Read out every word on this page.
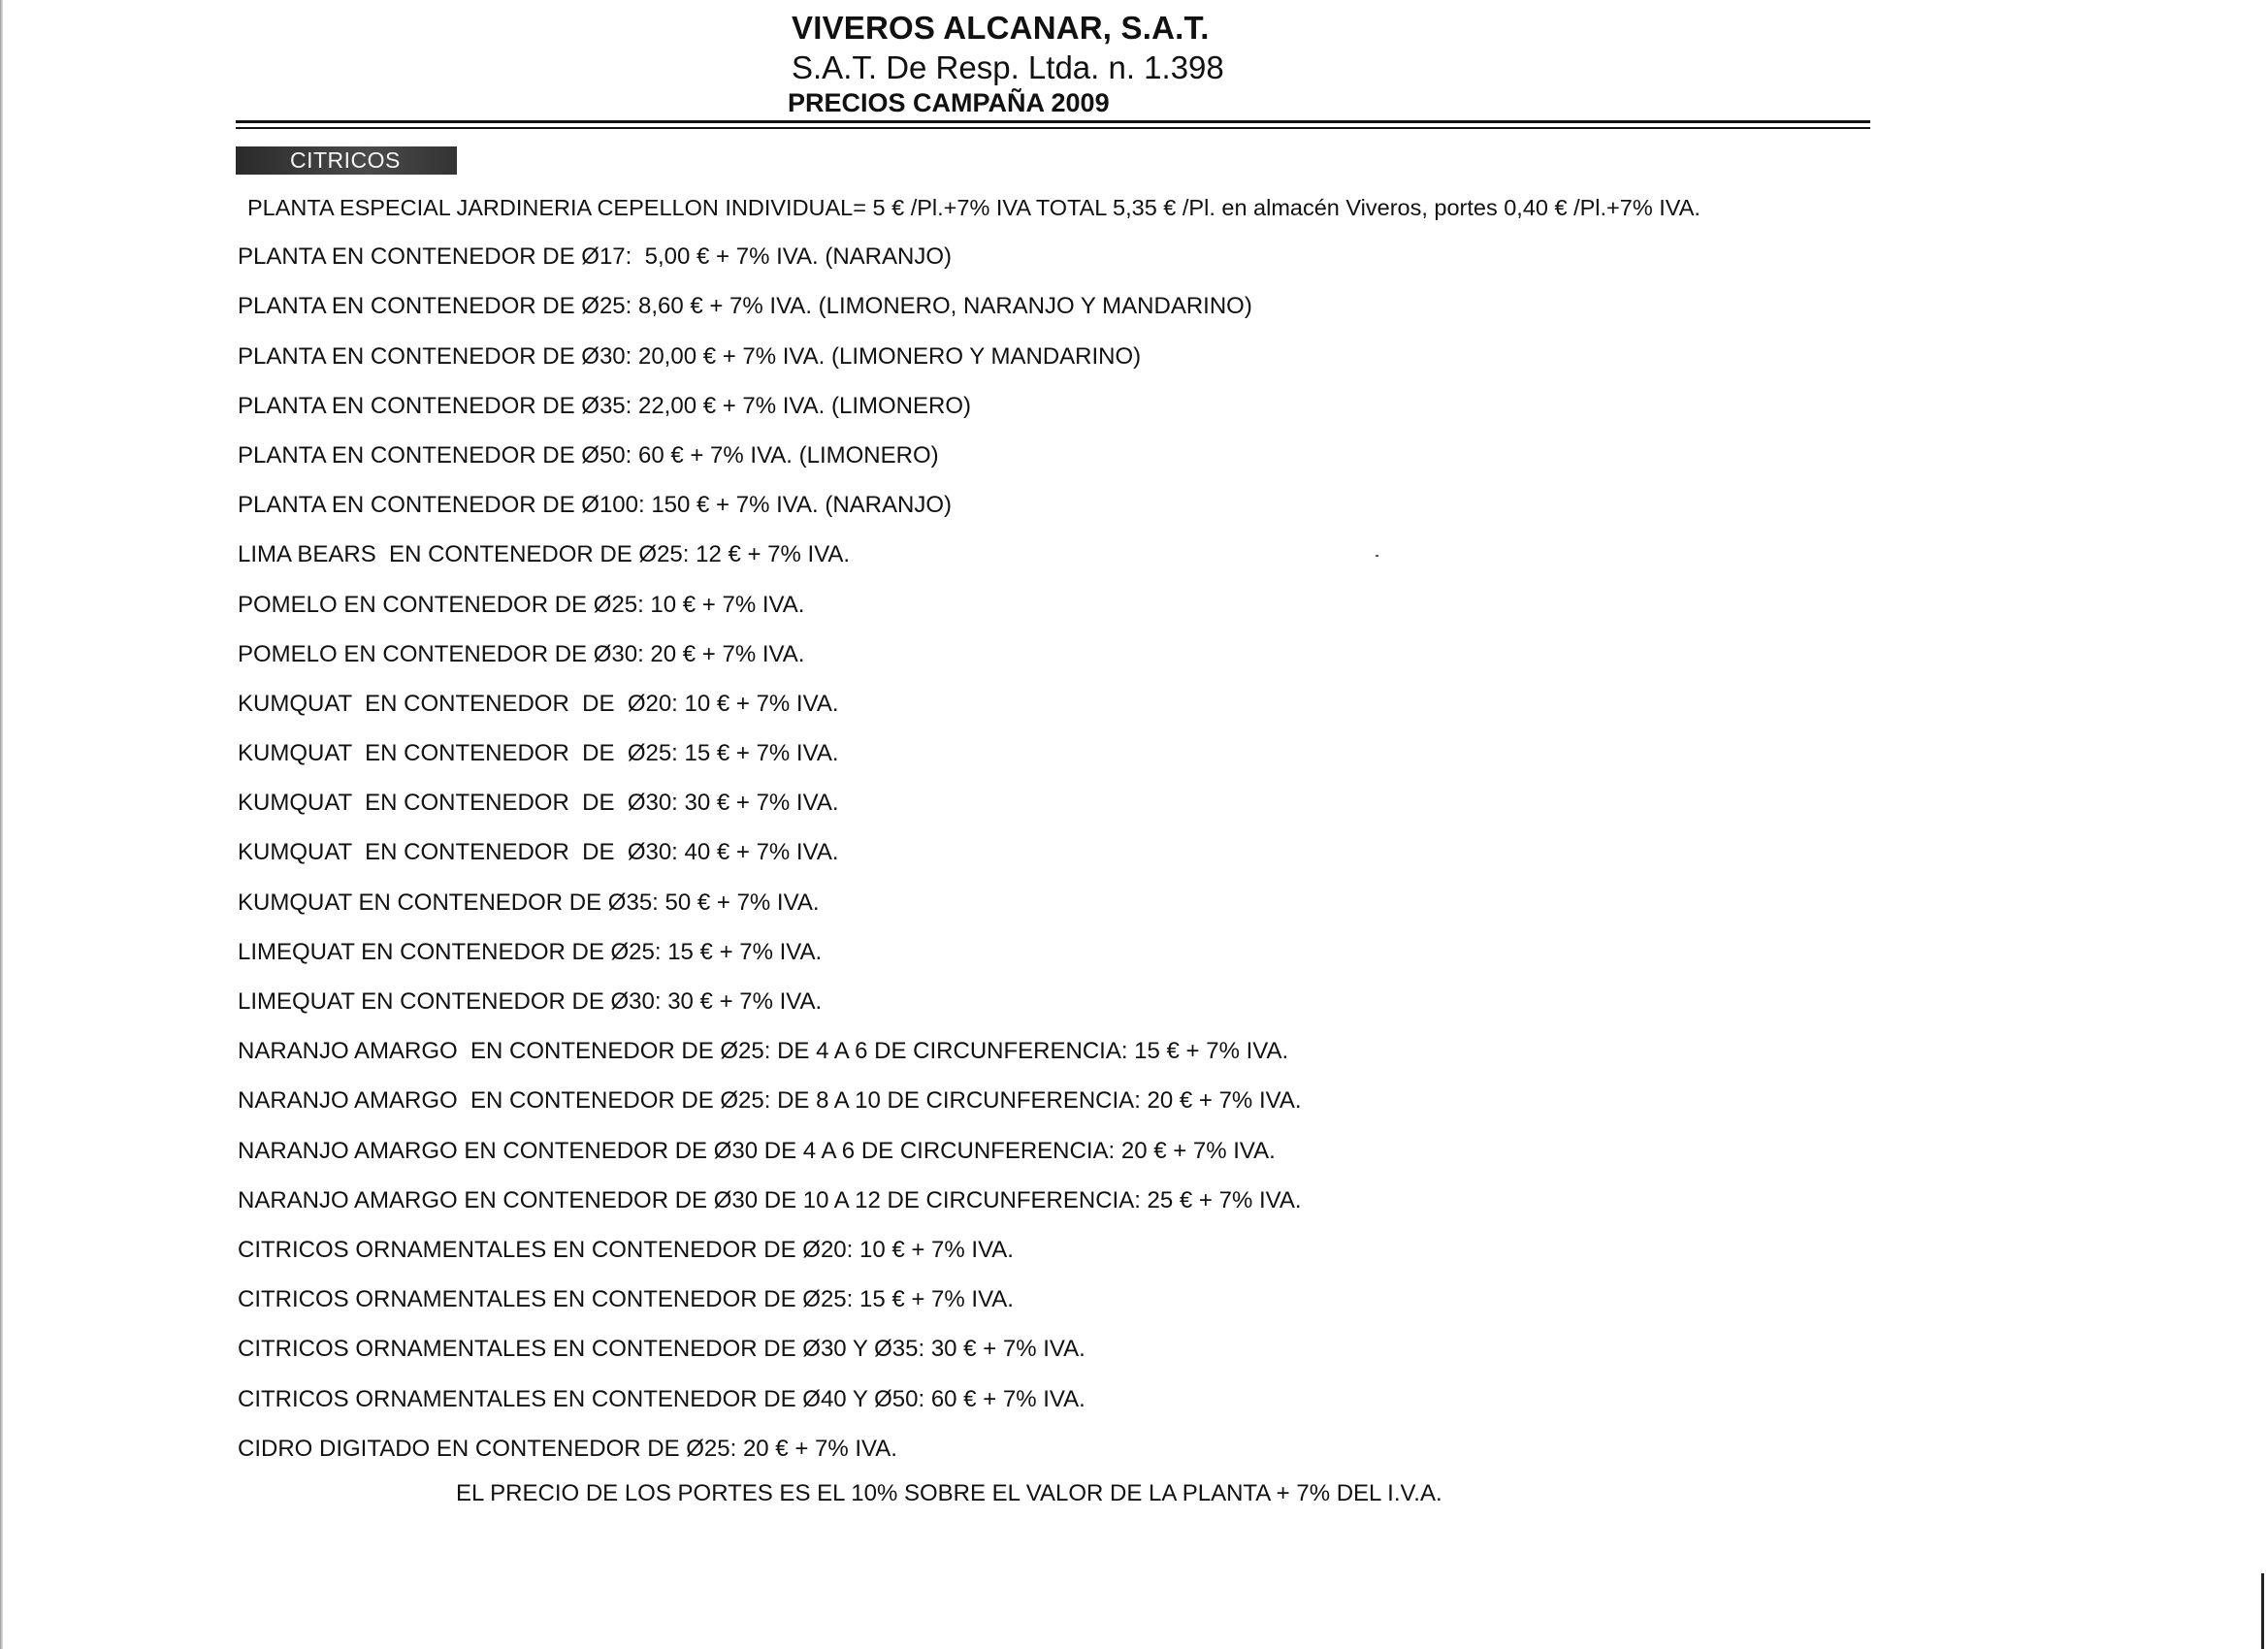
VIVEROS ALCANAR, S.A.T.
S.A.T. De Resp. Ltda. n. 1.398
PRECIOS CAMPAÑA 2009
CITRICOS
PLANTA ESPECIAL JARDINERIA CEPELLON INDIVIDUAL= 5 € /Pl.+7% IVA TOTAL 5,35 € /Pl. en almacén Viveros, portes 0,40 € /Pl.+7% IVA.
PLANTA EN CONTENEDOR DE Ø17:  5,00 € + 7% IVA. (NARANJO)
PLANTA EN CONTENEDOR DE Ø25: 8,60 € + 7% IVA. (LIMONERO, NARANJO Y MANDARINO)
PLANTA EN CONTENEDOR DE Ø30: 20,00 € + 7% IVA. (LIMONERO Y MANDARINO)
PLANTA EN CONTENEDOR DE Ø35: 22,00 € + 7% IVA. (LIMONERO)
PLANTA EN CONTENEDOR DE Ø50: 60 € + 7% IVA. (LIMONERO)
PLANTA EN CONTENEDOR DE Ø100: 150 € + 7% IVA. (NARANJO)
LIMA BEARS  EN CONTENEDOR DE Ø25: 12 € + 7% IVA.
POMELO EN CONTENEDOR DE Ø25: 10 € + 7% IVA.
POMELO EN CONTENEDOR DE Ø30: 20 € + 7% IVA.
KUMQUAT  EN CONTENEDOR  DE  Ø20: 10 € + 7% IVA.
KUMQUAT  EN CONTENEDOR  DE  Ø25: 15 € + 7% IVA.
KUMQUAT  EN CONTENEDOR  DE  Ø30: 30 € + 7% IVA.
KUMQUAT  EN CONTENEDOR  DE  Ø30: 40 € + 7% IVA.
KUMQUAT EN CONTENEDOR DE Ø35: 50 € + 7% IVA.
LIMEQUAT EN CONTENEDOR DE Ø25: 15 € + 7% IVA.
LIMEQUAT EN CONTENEDOR DE Ø30: 30 € + 7% IVA.
NARANJO AMARGO  EN CONTENEDOR DE Ø25: DE 4 A 6 DE CIRCUNFERENCIA: 15 € + 7% IVA.
NARANJO AMARGO  EN CONTENEDOR DE Ø25: DE 8 A 10 DE CIRCUNFERENCIA: 20 € + 7% IVA.
NARANJO AMARGO EN CONTENEDOR DE Ø30 DE 4 A 6 DE CIRCUNFERENCIA: 20 € + 7% IVA.
NARANJO AMARGO EN CONTENEDOR DE Ø30 DE 10 A 12 DE CIRCUNFERENCIA: 25 € + 7% IVA.
CITRICOS ORNAMENTALES EN CONTENEDOR DE Ø20: 10 € + 7% IVA.
CITRICOS ORNAMENTALES EN CONTENEDOR DE Ø25: 15 € + 7% IVA.
CITRICOS ORNAMENTALES EN CONTENEDOR DE Ø30 Y Ø35: 30 € + 7% IVA.
CITRICOS ORNAMENTALES EN CONTENEDOR DE Ø40 Y Ø50: 60 € + 7% IVA.
CIDRO DIGITADO EN CONTENEDOR DE Ø25: 20 € + 7% IVA.
EL PRECIO DE LOS PORTES ES EL 10% SOBRE EL VALOR DE LA PLANTA + 7% DEL I.V.A.
